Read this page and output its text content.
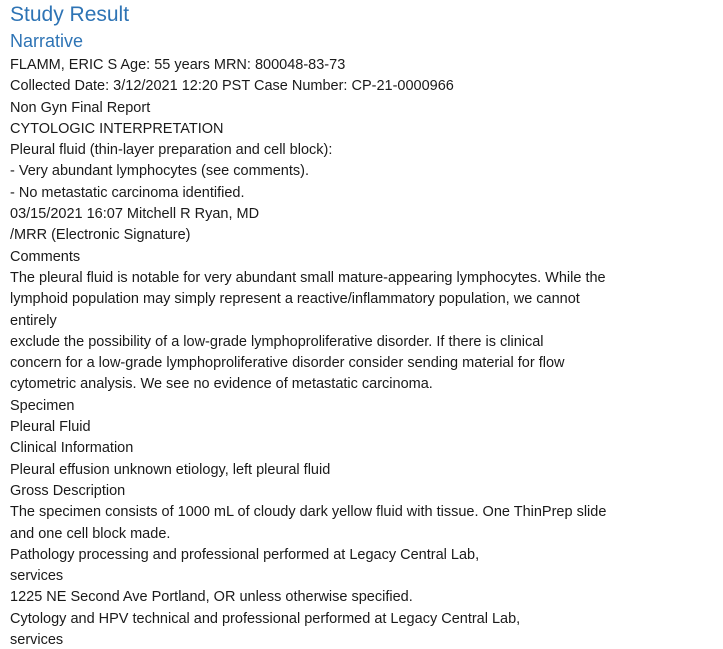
Study Result
Narrative
FLAMM, ERIC S Age: 55 years MRN: 800048-83-73
Collected Date: 3/12/2021 12:20 PST Case Number: CP-21-0000966
Non Gyn Final Report
CYTOLOGIC INTERPRETATION
Pleural fluid (thin-layer preparation and cell block):
- Very abundant lymphocytes (see comments).
- No metastatic carcinoma identified.
03/15/2021 16:07 Mitchell R Ryan, MD
/MRR (Electronic Signature)
Comments
The pleural fluid is notable for very abundant small mature-appearing lymphocytes. While the
lymphoid population may simply represent a reactive/inflammatory population, we cannot
entirely
exclude the possibility of a low-grade lymphoproliferative disorder. If there is clinical
concern for a low-grade lymphoproliferative disorder consider sending material for flow
cytometric analysis. We see no evidence of metastatic carcinoma.
Specimen
Pleural Fluid
Clinical Information
Pleural effusion unknown etiology, left pleural fluid
Gross Description
The specimen consists of 1000 mL of cloudy dark yellow fluid with tissue. One ThinPrep slide
and one cell block made.
Pathology processing and professional performed at Legacy Central Lab,
services
1225 NE Second Ave Portland, OR unless otherwise specified.
Cytology and HPV technical and professional performed at Legacy Central Lab,
services
